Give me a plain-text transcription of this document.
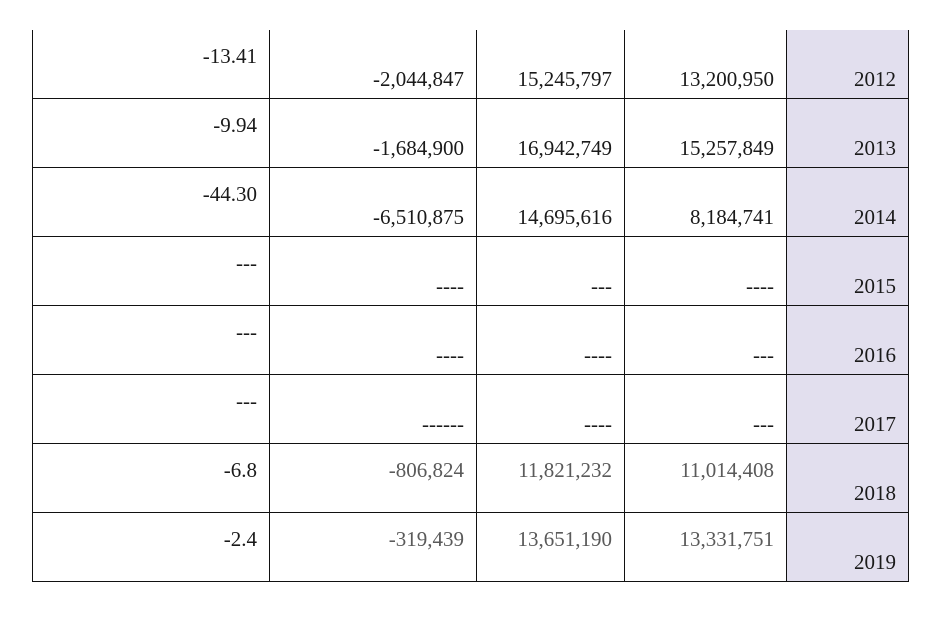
-13.41	-2,044,847	15,245,797	13,200,950	2012

-9.94	-1,684,900	16,942,749	15,257,849	2013

-44.30	-6,510,875	14,695,616	8,184,741	2014

---	----	---	----	2015

---	----	----	---	2016

---	------	----	---	2017

-6.8	-806,824	11,821,232	11,014,408	2018

-2.4	-319,439	13,651,190	13,331,751	2019
